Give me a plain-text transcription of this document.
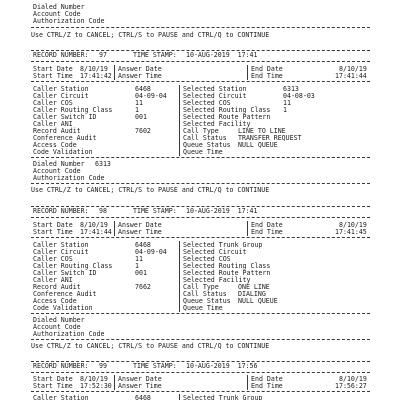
Dialed Number
Account Code
Authorization Code
Use CTRL/Z to CANCEL; CTRL/S to PAUSE and CTRL/Q to CONTINUE
RECORD NUMBER: 97	TIME STAMP: 10-AUG-2019  17:41
Start Date 8/10/19
Start Time 17:41:42
Answer Date
Answer Time
End Date	8/10/19
End Time	17:41:44
Caller Station	6468
Caller Circuit	04-09-04
Caller COS	11
Caller Routing Class	1
Caller Switch ID	001
Caller ANI
Record Audit	7602
Conference Audit
Access Code
Code Validation
Selected Station	6313
Selected Circuit	04-08-03
Selected COS	11
Selected Routing Class 1
Selected Route Pattern
Selected Facility
Call Type	LINE TO LINE
Call Status TRANSFER REQUEST
Queue Status NULL QUEUE
Queue Time
Dialed Number 6313
Account Code
Authorization Code
Use CTRL/Z to CANCEL; CTRL/S to PAUSE and CTRL/Q to CONTINUE
RECORD NUMBER: 98	TIME STAMP: 10-AUG-2019  17:41
Start Date 8/10/19
Start Time 17:41:44
Answer Date
Answer Time
End Date	8/10/19
End Time	17:41:45
Caller Station	6468
Caller Circuit	04-09-04
Caller COS	11
Caller Routing Class	1
Caller Switch ID	001
Caller ANI
Record Audit	7662
Conference Audit
Access Code
Code Validation
Selected Trunk Group
Selected Circuit
Selected COS
Selected Routing Class
Selected Route Pattern
Selected Facility
Call Type	ONE LINE
Call Status DIALING
Queue Status NULL QUEUE
Queue Time
Dialed Number
Account Code
Authorization Code
Use CTRL/Z to CANCEL; CTRL/S to PAUSE and CTRL/Q to CONTINUE
RECORD NUMBER: 99	TIME STAMP: 10-AUG-2019  17:56
Start Date 8/10/19
Start Time 17:52:30
Answer Date
Answer Time
End Date	8/10/19
End Time	17:56:27
Caller Station	6468	Selected Trunk Group
